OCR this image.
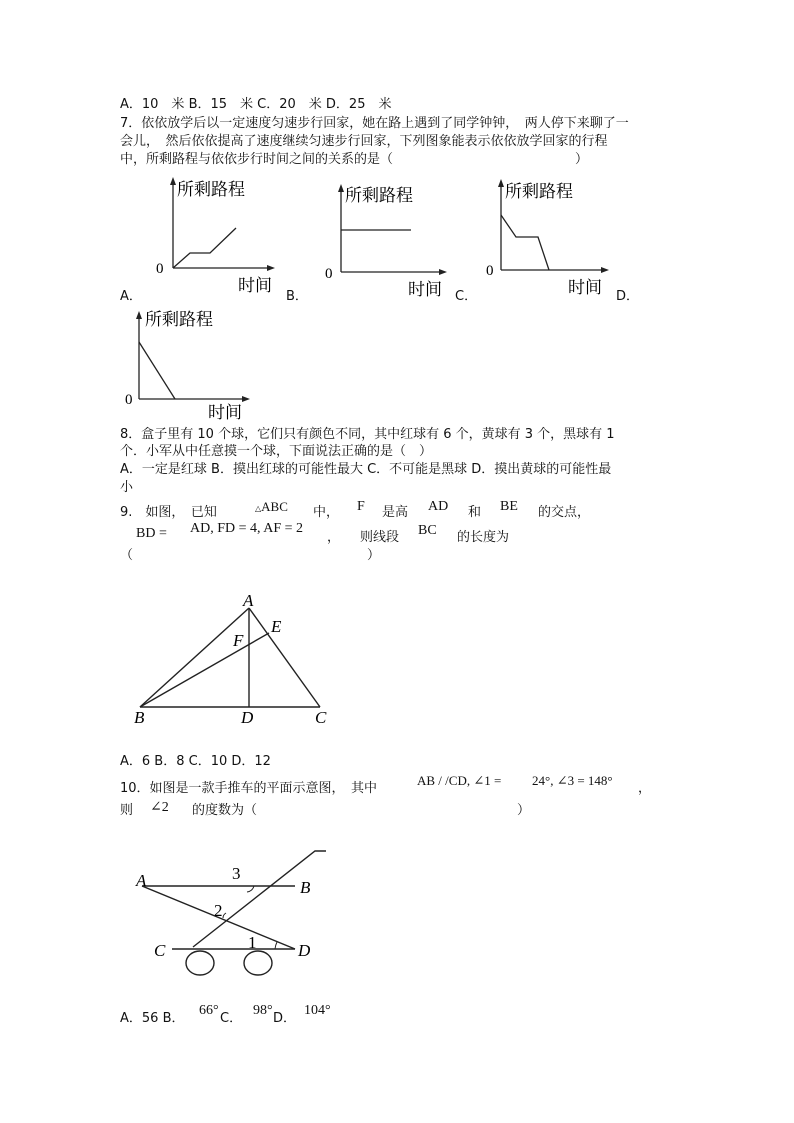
A．10　米 B．15　米 C．20　米 D．25　米
7．依依放学后以一定速度匀速步行回家，她在路上遇到了同学钟钟，　两人停下来聊了一
会儿，　然后依依提高了速度继续匀速步行回家，下列图象能表示依依放学回家的行程
中，所剩路程与依依步行时间之间的关系的是（　　　　　　　　　　　　　　）
所剩路程
时间
0
所剩路程
时间
0
所剩路程
时间
0
A．	B．	C．	D．
所剩路程
时间
0
8．盒子里有 10 个球，它们只有颜色不同，其中红球有 6 个，黄球有 3 个，黑球有 1
个．小军从中任意摸一个球，下面说法正确的是（　）
A．一定是红球 B．摸出红球的可能性最大 C．不可能是黑球 D．摸出黄球的可能性最
小
9.　如图，　已知	△ABC 中， F 是高 AD 和 BE 的交点，
BD = AD, FD = 4, AF = 2
， 则线段 BC 的长度为
（　　　　　　　　　　　　　　　　　　）
A
E
F
B	D	C
A．6 B．8 C．10 D．12
10．如图是一款手推车的平面示意图，　其中
AB / /CD, ∠1 = 24°, ∠3 = 148°
，
则 ∠2 的度数为（　　　　　　　　　　　　　　　　　　　　）
A	B
C	D
3
2
1
A．56 B．
66°
C．
98°
D．
104°
